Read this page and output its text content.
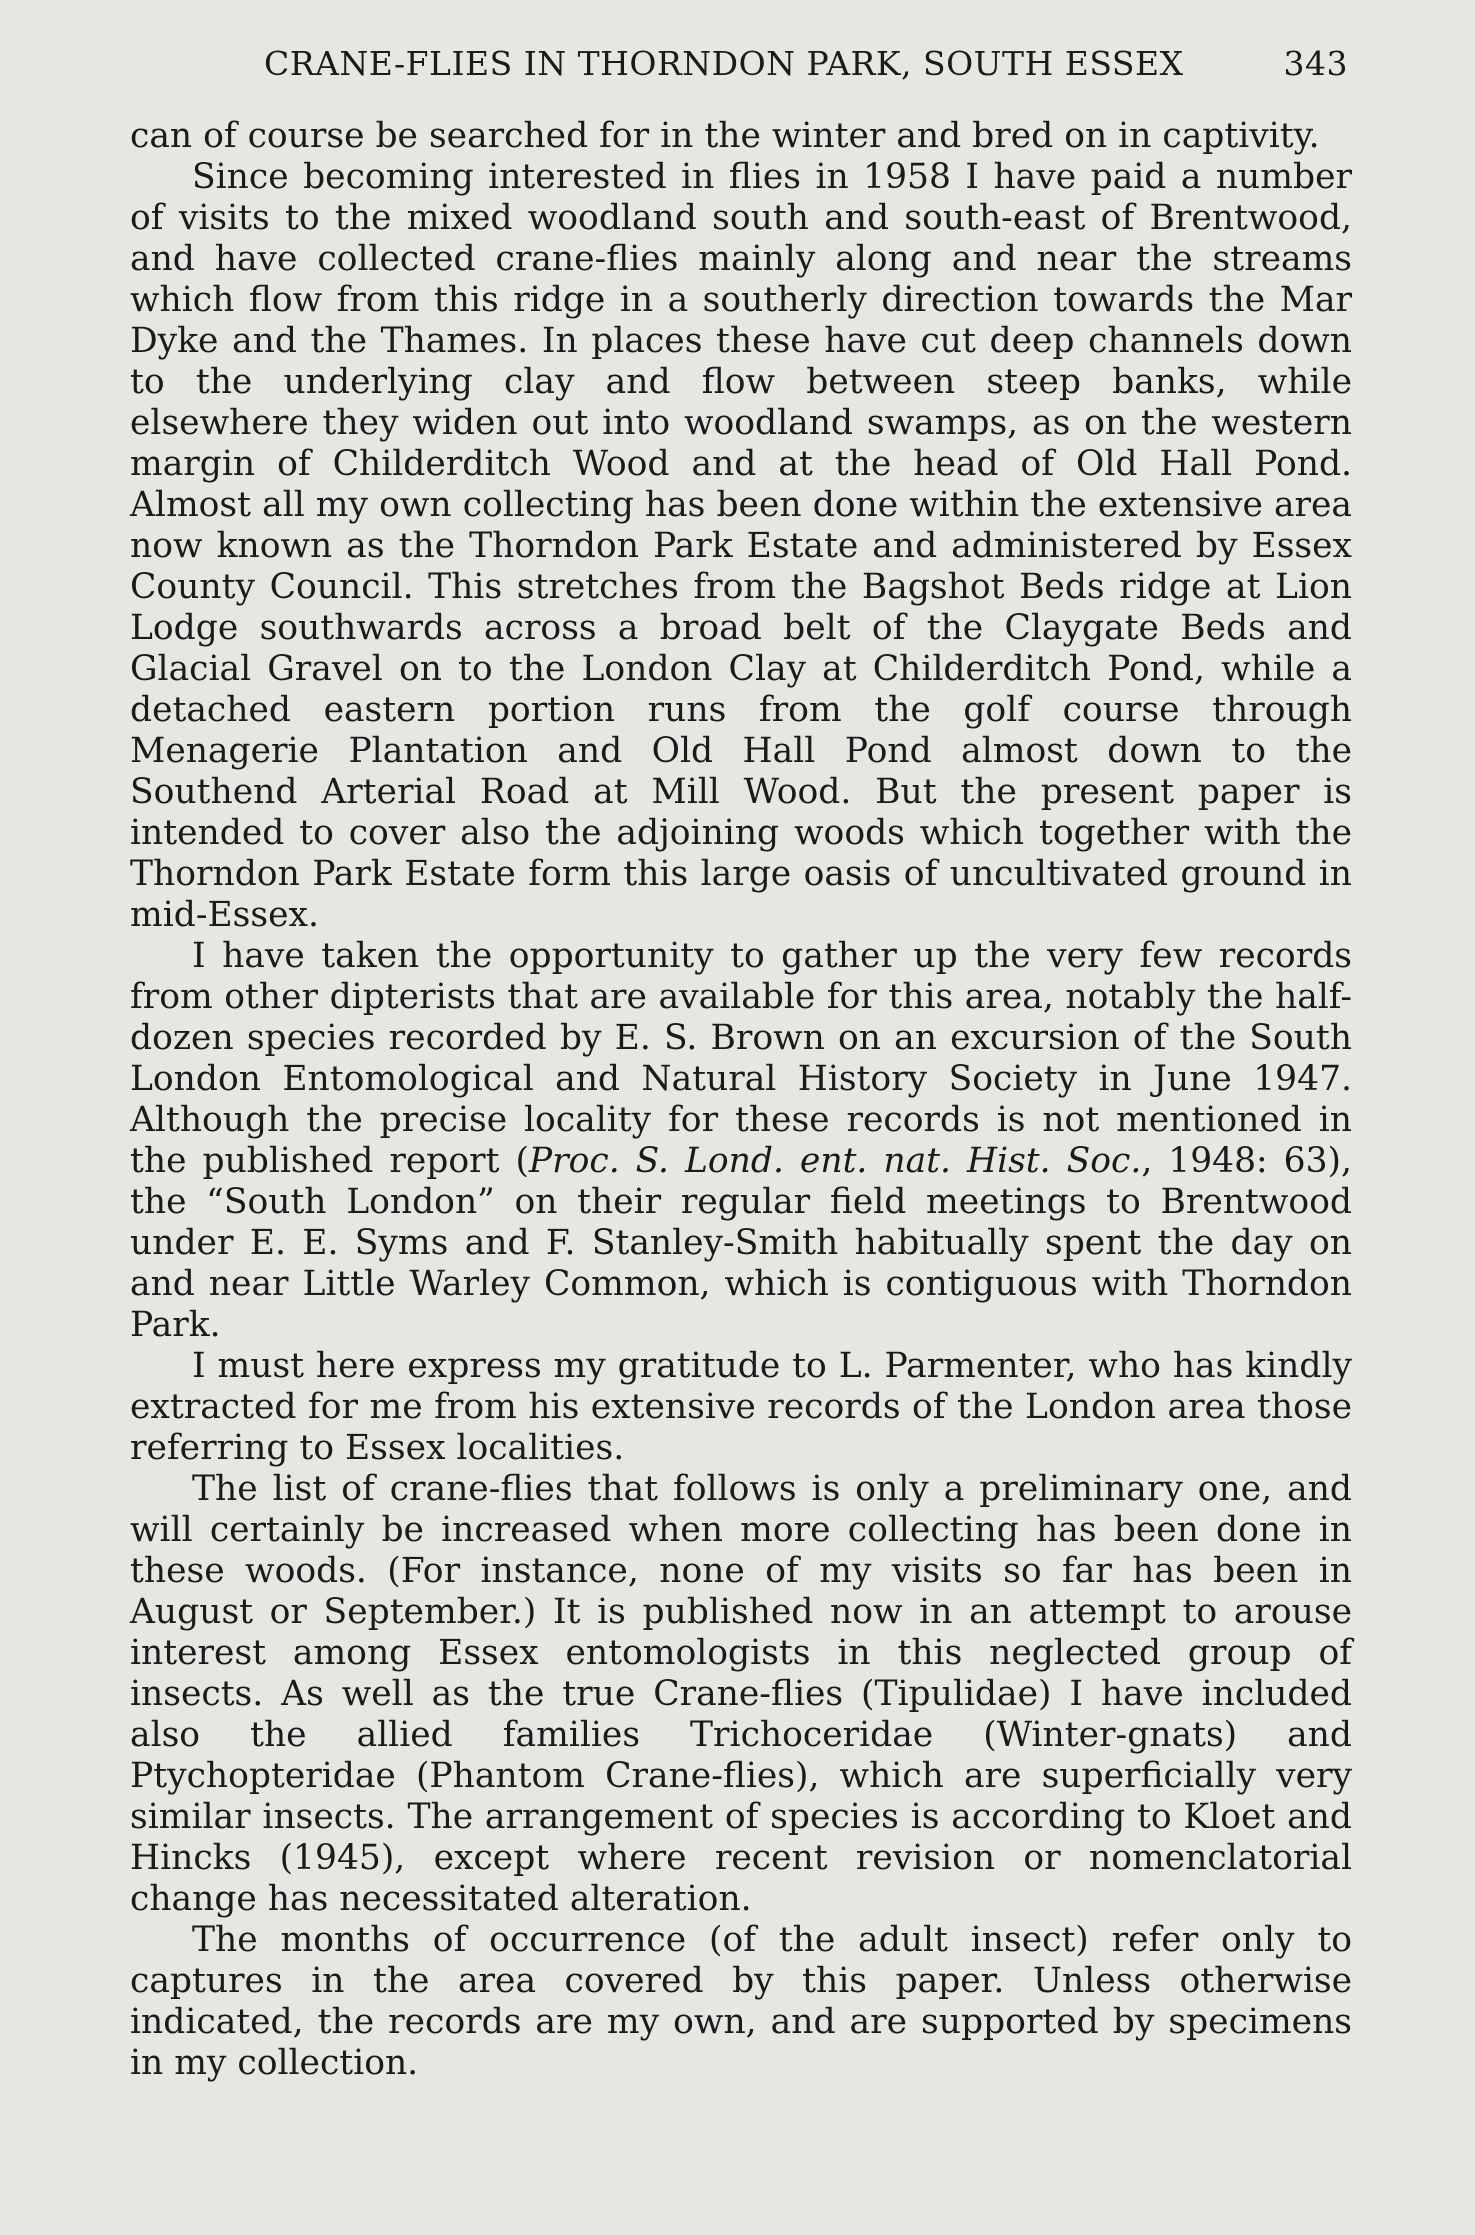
CRANE-FLIES IN THORNDON PARK, SOUTH ESSEX	343

can of course be searched for in the winter and bred on in captivity.

Since becoming interested in flies in 1958 I have paid a number of visits to the mixed woodland south and south-east of Brentwood, and have collected crane-flies mainly along and near the streams which flow from this ridge in a southerly direction towards the Mar Dyke and the Thames. In places these have cut deep channels down to the underlying clay and flow between steep banks, while elsewhere they widen out into woodland swamps, as on the western margin of Childerditch Wood and at the head of Old Hall Pond. Almost all my own collecting has been done within the extensive area now known as the Thorndon Park Estate and administered by Essex County Council. This stretches from the Bagshot Beds ridge at Lion Lodge southwards across a broad belt of the Claygate Beds and Glacial Gravel on to the London Clay at Childerditch Pond, while a detached eastern portion runs from the golf course through Menagerie Plantation and Old Hall Pond almost down to the Southend Arterial Road at Mill Wood. But the present paper is intended to cover also the adjoining woods which together with the Thorndon Park Estate form this large oasis of uncultivated ground in mid-Essex.

I have taken the opportunity to gather up the very few records from other dipterists that are available for this area, notably the half-dozen species recorded by E. S. Brown on an excursion of the South London Entomological and Natural History Society in June 1947. Although the precise locality for these records is not mentioned in the published report (Proc. S. Lond. ent. nat. Hist. Soc., 1948: 63), the “South London” on their regular field meetings to Brentwood under E. E. Syms and F. Stanley-Smith habitually spent the day on and near Little Warley Common, which is contiguous with Thorndon Park.

I must here express my gratitude to L. Parmenter, who has kindly extracted for me from his extensive records of the London area those referring to Essex localities.

The list of crane-flies that follows is only a preliminary one, and will certainly be increased when more collecting has been done in these woods. (For instance, none of my visits so far has been in August or September.) It is published now in an attempt to arouse interest among Essex entomologists in this neglected group of insects. As well as the true Crane-flies (Tipulidae) I have included also the allied families Trichoceridae (Winter-gnats) and Ptychopteridae (Phantom Crane-flies), which are superficially very similar insects. The arrangement of species is according to Kloet and Hincks (1945), except where recent revision or nomenclatorial change has necessitated alteration.

The months of occurrence (of the adult insect) refer only to captures in the area covered by this paper. Unless otherwise indicated, the records are my own, and are supported by specimens in my collection.
